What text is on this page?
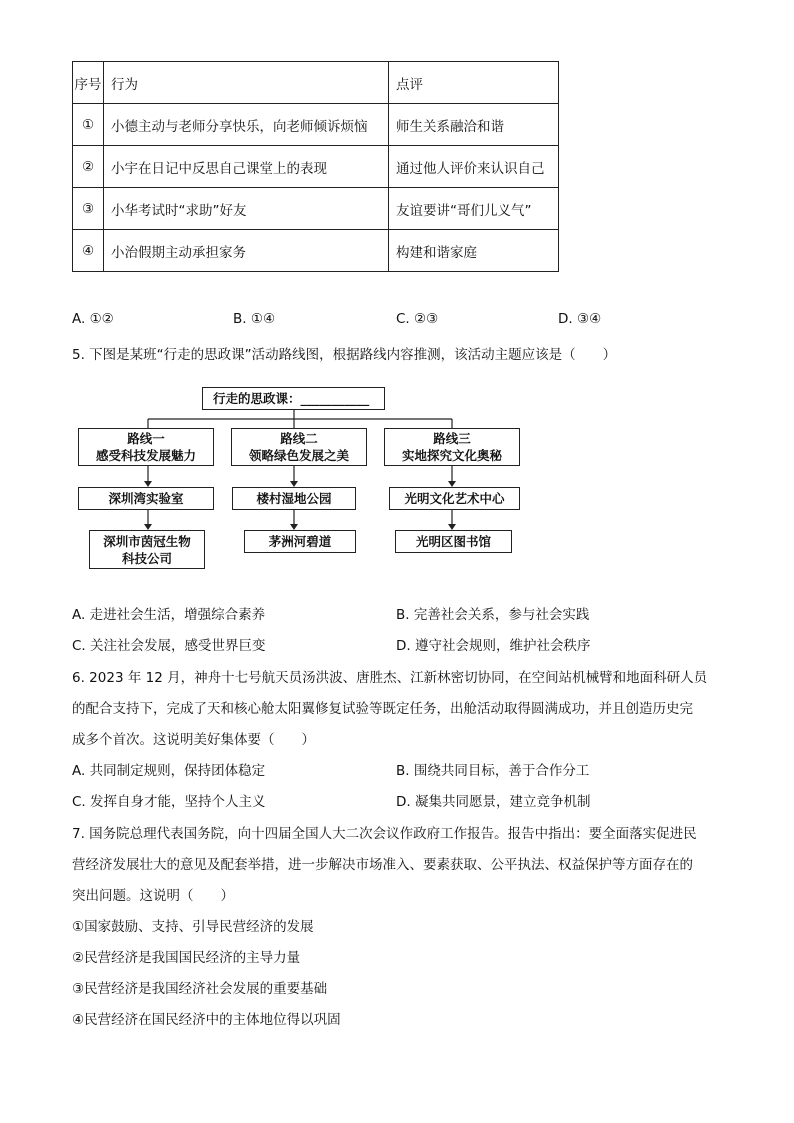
序号	行为	点评
①	小德主动与老师分享快乐，向老师倾诉烦恼	师生关系融洽和谐
②	小宇在日记中反思自己课堂上的表现	通过他人评价来认识自己
③	小华考试时“求助”好友	友谊要讲“哥们儿义气”
④	小治假期主动承担家务	构建和谐家庭
A. ①②	B. ①④	C. ②③	D. ③④
5. 下图是某班“行走的思政课”活动路线图，根据路线内容推测，该活动主题应该是（　　）
行走的思政课：___________
路线一
感受科技发展魅力
路线二
领略绿色发展之美
路线三
实地探究文化奥秘
深圳湾实验室	楼村湿地公园	光明文化艺术中心
深圳市茵冠生物
科技公司
茅洲河碧道	光明区图书馆
A. 走进社会生活，增强综合素养	B. 完善社会关系，参与社会实践
C. 关注社会发展，感受世界巨变	D. 遵守社会规则，维护社会秩序
6. 2023 年 12 月，神舟十七号航天员汤洪波、唐胜杰、江新林密切协同，在空间站机械臂和地面科研人员
的配合支持下，完成了天和核心舱太阳翼修复试验等既定任务，出舱活动取得圆满成功，并且创造历史完
成多个首次。这说明美好集体要（　　）
A. 共同制定规则，保持团体稳定	B. 围绕共同目标，善于合作分工
C. 发挥自身才能，坚持个人主义	D. 凝集共同愿景，建立竞争机制
7. 国务院总理代表国务院，向十四届全国人大二次会议作政府工作报告。报告中指出：要全面落实促进民
营经济发展壮大的意见及配套举措，进一步解决市场准入、要素获取、公平执法、权益保护等方面存在的
突出问题。这说明（　　）
①国家鼓励、支持、引导民营经济的发展
②民营经济是我国国民经济的主导力量
③民营经济是我国经济社会发展的重要基础
④民营经济在国民经济中的主体地位得以巩固
